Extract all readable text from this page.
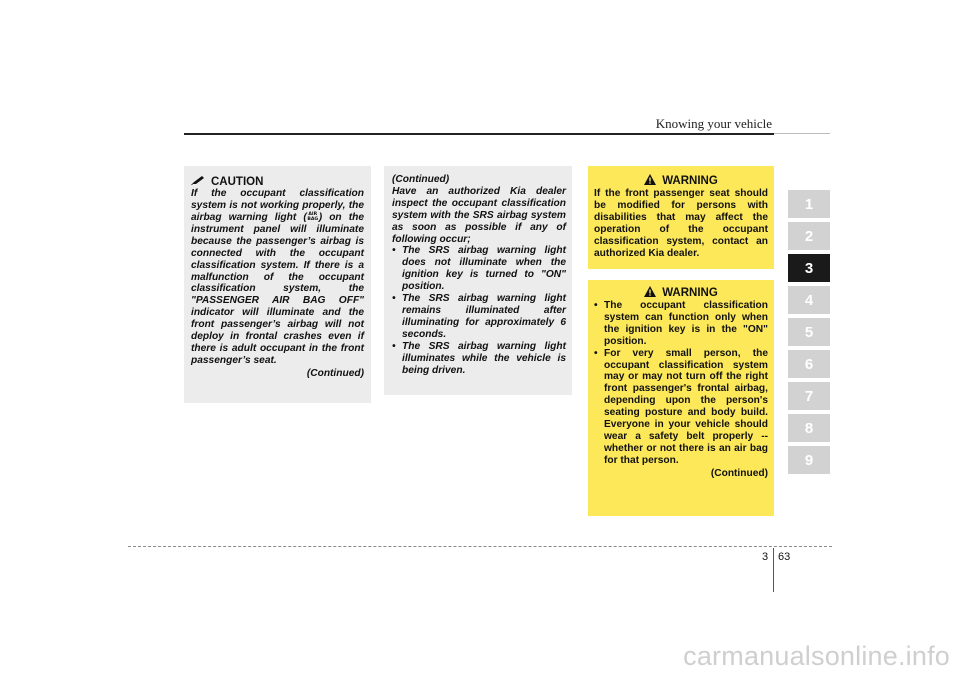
Knowing your vehicle
CAUTION
If the occupant classification system is not working properly, the airbag warning light ( AIR
BAG) on the instrument panel will illuminate because the passenger’s airbag is connected with the occupant classification system. If there is a malfunction of the occupant classification system, the "PASSENGER AIR BAG OFF" indicator will illuminate and the front passenger’s airbag will not deploy in frontal crashes even if there is adult occupant in the front passenger’s seat.
(Continued)
(Continued)
Have an authorized Kia dealer inspect the occupant classification system with the SRS airbag system as soon as possible if any of following occur;
• The SRS airbag warning light does not illuminate when the ignition key is turned to "ON" position.
• The SRS airbag warning light remains illuminated after illuminating for approximately 6 seconds.
• The SRS airbag warning light illuminates while the vehicle is being driven.
WARNING
If the front passenger seat should be modified for persons with disabilities that may affect the operation of the occupant classification system, contact an authorized Kia dealer.
WARNING
• The occupant classification system can function only when the ignition key is in the "ON" position.
• For very small person, the occupant classification system may or may not turn off the right front passenger's frontal airbag, depending upon the person's seating posture and body build. Everyone in your vehicle should wear a safety belt properly -- whether or not there is an air bag for that person.
(Continued)
1
2
3
4
5
6
7
8
9
3 63
carmanualsonline.info
